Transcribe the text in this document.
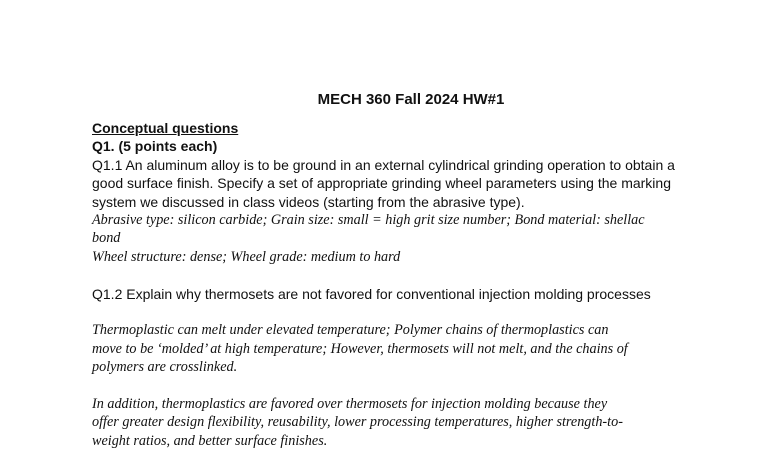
MECH 360 Fall 2024 HW#1

Conceptual questions

Q1. (5 points each)

Q1.1 An aluminum alloy is to be ground in an external cylindrical grinding operation to obtain a

good surface finish. Specify a set of appropriate grinding wheel parameters using the marking

system we discussed in class videos (starting from the abrasive type).

Abrasive type: silicon carbide; Grain size: small = high grit size number; Bond material: shellac

bond

Wheel structure: dense; Wheel grade: medium to hard

Q1.2 Explain why thermosets are not favored for conventional injection molding processes

Thermoplastic can melt under elevated temperature; Polymer chains of thermoplastics can

move to be ‘molded’ at high temperature; However, thermosets will not melt, and the chains of

polymers are crosslinked.

In addition, thermoplastics are favored over thermosets for injection molding because they

offer greater design flexibility, reusability, lower processing temperatures, higher strength-to-

weight ratios, and better surface finishes.
